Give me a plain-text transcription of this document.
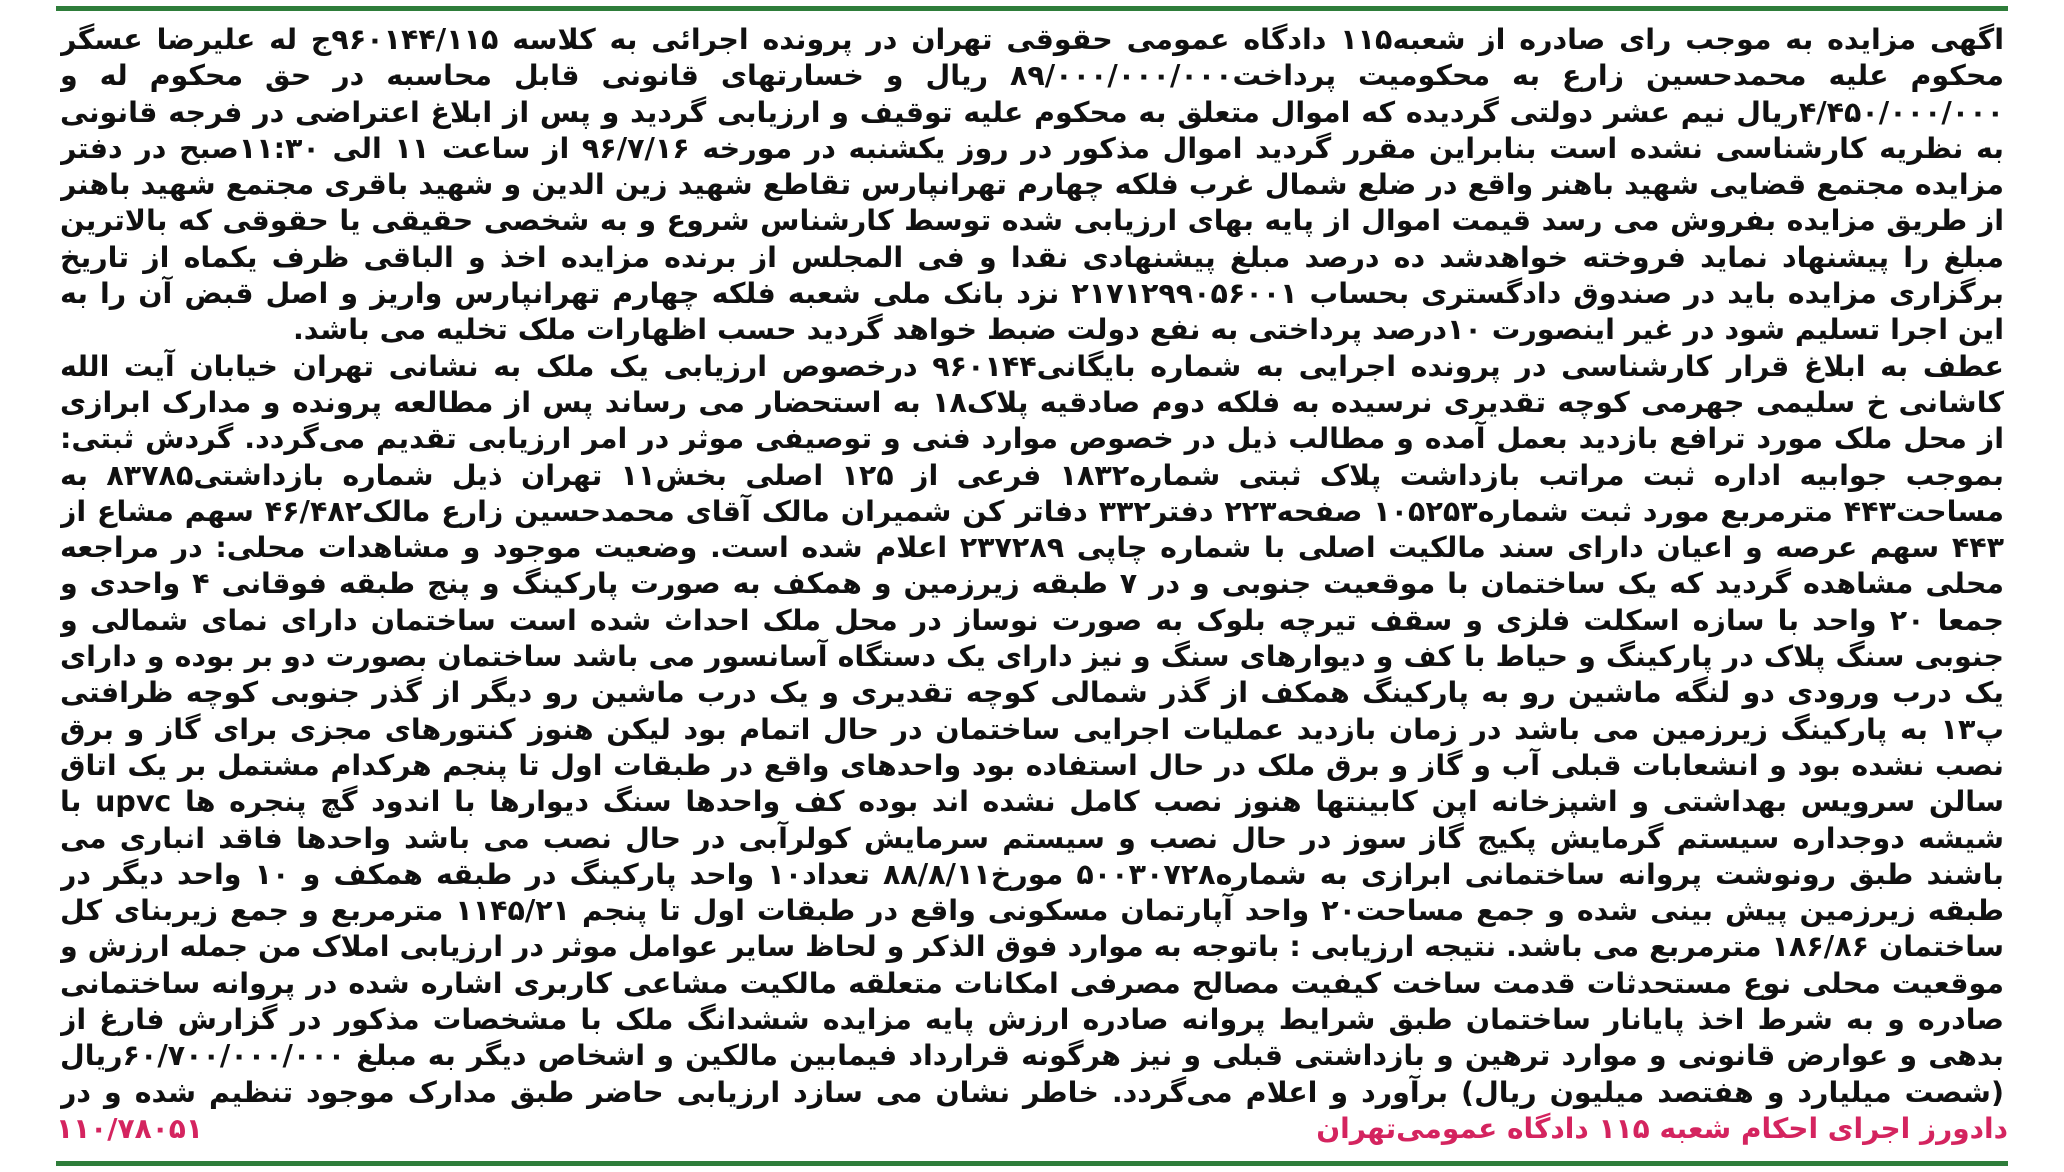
اگهی مزایده به موجب رای صادره از شعبه۱۱۵ دادگاه عمومی حقوقی تهران در پرونده اجرائی به کلاسه ۹۶۰۱۴۴/۱۱۵ج له علیرضا عسگر محکوم علیه محمدحسین زارع به محکومیت پرداخت۸۹/۰۰۰/۰۰۰/۰۰۰ ریال و خسارتهای قانونی قابل محاسبه در حق محکوم له و ۴/۴۵۰/۰۰۰/۰۰۰ریال نیم عشر دولتی گردیده که اموال متعلق به محکوم علیه توقیف و ارزیابی گردید و پس از ابلاغ اعتراضی در فرجه قانونی به نظریه کارشناسی نشده است بنابراین مقرر گردید اموال مذکور در روز یکشنبه در مورخه ۹۶/۷/۱۶ از ساعت ۱۱ الی ۱۱:۳۰صبح در دفتر مزایده مجتمع قضایی شهید باهنر واقع در ضلع شمال غرب فلکه چهارم تهرانپارس تقاطع شهید زین الدین و شهید باقری مجتمع شهید باهنر از طریق مزایده بفروش می رسد قیمت اموال از پایه بهای ارزیابی شده توسط کارشناس شروع و به شخصی حقیقی یا حقوقی که بالاترین مبلغ را پیشنهاد نماید فروخته خواهدشد ده درصد مبلغ پیشنهادی نقدا و فی المجلس از برنده مزایده اخذ و الباقی ظرف یکماه از تاریخ برگزاری مزایده باید در صندوق دادگستری بحساب ۲۱۷۱۲۹۹۰۵۶۰۰۱ نزد بانک ملی شعبه فلکه چهارم تهرانپارس واریز و اصل قبض آن را به این اجرا تسلیم شود در غیر اینصورت ۱۰درصد پرداختی به نفع دولت ضبط خواهد گردید حسب اظهارات ملک تخلیه می باشد.

عطف به ابلاغ قرار کارشناسی در پرونده اجرایی به شماره بایگانی۹۶۰۱۴۴ درخصوص ارزیابی یک ملک به نشانی تهران خیابان آیت الله کاشانی خ سلیمی جهرمی کوچه تقدیری نرسیده به فلکه دوم صادقیه پلاک۱۸ به استحضار می رساند پس از مطالعه پرونده و مدارک ابرازی از محل ملک مورد ترافع بازدید بعمل آمده و مطالب ذیل در خصوص موارد فنی و توصیفی موثر در امر ارزیابی تقدیم می‌گردد. گردش ثبتی: بموجب جوابیه اداره ثبت مراتب بازداشت پلاک ثبتی شماره۱۸۳۲ فرعی از ۱۲۵ اصلی بخش۱۱ تهران ذیل شماره بازداشتی۸۳۷۸۵ به مساحت۴۴۳ مترمربع مورد ثبت شماره۱۰۵۲۵۳ صفحه۲۲۳ دفتر۳۳۲ دفاتر کن شمیران مالک آقای محمدحسین زارع مالک۴۶/۴۸۲ سهم مشاع از ۴۴۳ سهم عرصه و اعیان دارای سند مالکیت اصلی با شماره چاپی ۲۳۷۲۸۹ اعلام شده است. وضعیت موجود و مشاهدات محلی: در مراجعه محلی مشاهده گردید که یک ساختمان با موقعیت جنوبی و در ۷ طبقه زیرزمین و همکف به صورت پارکینگ و پنج طبقه فوقانی ۴ واحدی و جمعا ۲۰ واحد با سازه اسکلت فلزی و سقف تیرچه بلوک به صورت نوساز در محل ملک احداث شده است ساختمان دارای نمای شمالی و جنوبی سنگ پلاک در پارکینگ و حیاط با کف و دیوارهای سنگ و نیز دارای یک دستگاه آسانسور می باشد ساختمان بصورت دو بر بوده و دارای یک درب ورودی دو لنگه ماشین رو به پارکینگ همکف از گذر شمالی کوچه تقدیری و یک درب ماشین رو دیگر از گذر جنوبی کوچه ظرافتی پ۱۳ به پارکینگ زیرزمین می باشد در زمان بازدید عملیات اجرایی ساختمان در حال اتمام بود لیکن هنوز کنتورهای مجزی برای گاز و برق نصب نشده بود و انشعابات قبلی آب و گاز و برق ملک در حال استفاده بود واحدهای واقع در طبقات اول تا پنجم هرکدام مشتمل بر یک اتاق سالن سرویس بهداشتی و اشپزخانه اپن کابینتها هنوز نصب کامل نشده اند بوده کف واحدها سنگ دیوارها با اندود گچ پنجره ها upvc با شیشه دوجداره سیستم گرمایش پکیج گاز سوز در حال نصب و سیستم سرمایش کولرآبی در حال نصب می باشد واحدها فاقد انباری می باشند طبق رونوشت پروانه ساختمانی ابرازی به شماره۵۰۰۳۰۷۲۸ مورخ۸۸/۸/۱۱ تعداد۱۰ واحد پارکینگ در طبقه همکف و ۱۰ واحد دیگر در طبقه زیرزمین پیش بینی شده و جمع مساحت۲۰ واحد آپارتمان مسکونی واقع در طبقات اول تا پنجم ۱۱۴۵/۲۱ مترمربع و جمع زیربنای کل ساختمان ۱۸۶/۸۶ مترمربع می باشد. نتیجه ارزیابی : باتوجه به موارد فوق الذکر و لحاظ سایر عوامل موثر در ارزیابی املاک من جمله ارزش و موقعیت محلی نوع مستحدثات قدمت ساخت کیفیت مصالح مصرفی امکانات متعلقه مالکیت مشاعی کاربری اشاره شده در پروانه ساختمانی صادره و به شرط اخذ پایانار ساختمان طبق شرایط پروانه صادره ارزش پایه مزایده ششدانگ ملک با مشخصات مذکور در گزارش فارغ از بدهی و عوارض قانونی و موارد ترهین و بازداشتی قبلی و نیز هرگونه قرارداد فیمابین مالکین و اشخاص دیگر به مبلغ ۶۰/۷۰۰/۰۰۰/۰۰۰ریال (شصت میلیارد و هفتصد میلیون ریال) برآورد و اعلام می‌گردد. خاطر نشان می سازد ارزیابی حاضر طبق مدارک موجود تنظیم شده و در

دادورز اجرای احکام شعبه ۱۱۵ دادگاه عمومی‌تهران
۱۱۰/۷۸۰۵۱
